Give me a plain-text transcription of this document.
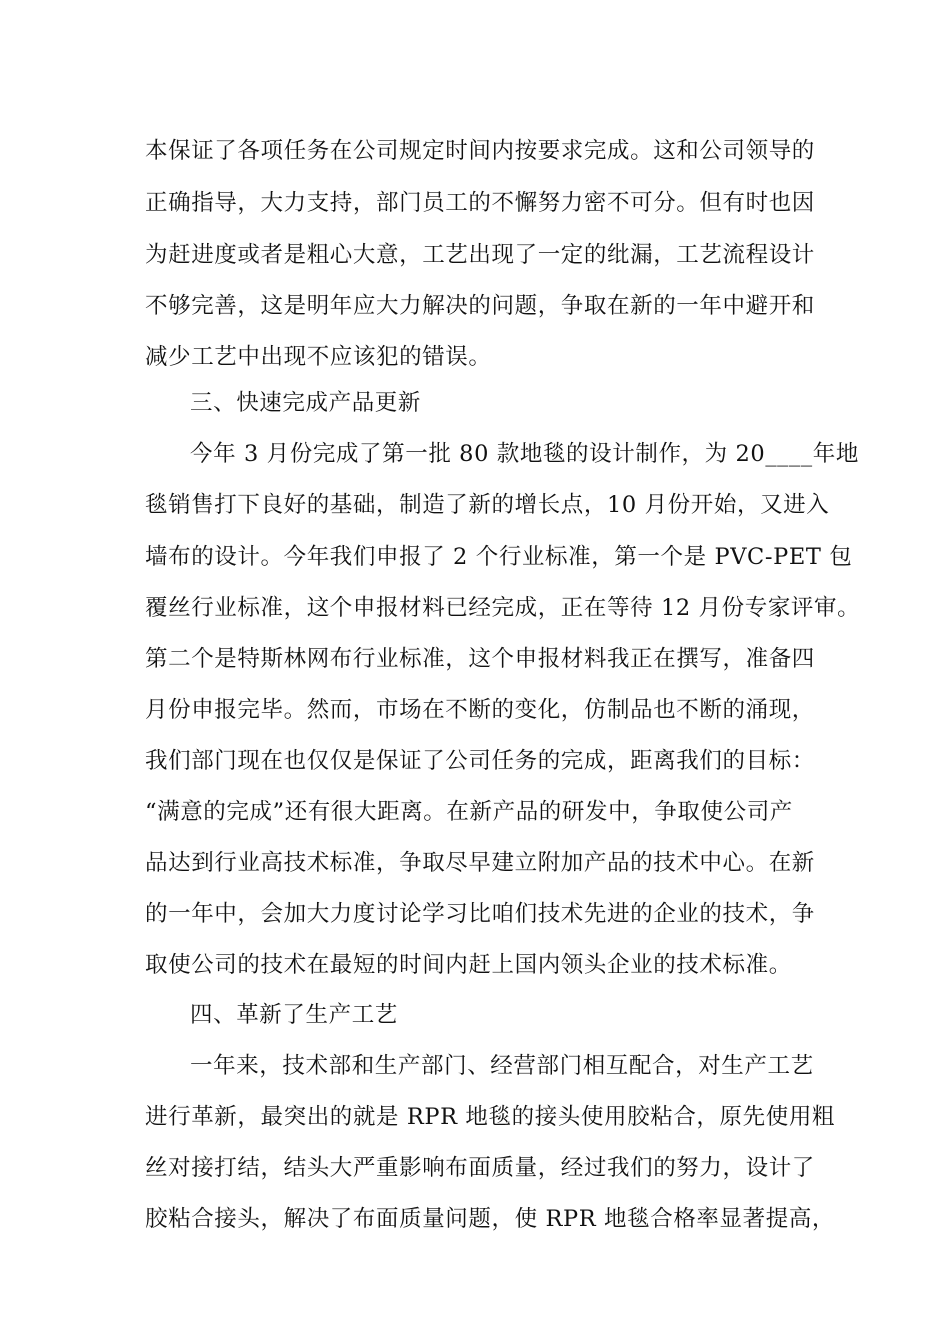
本保证了各项任务在公司规定时间内按要求完成。这和公司领导的
正确指导，大力支持，部门员工的不懈努力密不可分。但有时也因
为赶进度或者是粗心大意，工艺出现了一定的纰漏，工艺流程设计
不够完善，这是明年应大力解决的问题，争取在新的一年中避开和
减少工艺中出现不应该犯的错误。
三、快速完成产品更新
今年 3 月份完成了第一批 80 款地毯的设计制作，为 20____年地
毯销售打下良好的基础，制造了新的增长点，10 月份开始，又进入
墙布的设计。今年我们申报了 2 个行业标准，第一个是 PVC-PET 包
覆丝行业标准，这个申报材料已经完成，正在等待 12 月份专家评审。
第二个是特斯林网布行业标准，这个申报材料我正在撰写，准备四
月份申报完毕。然而，市场在不断的变化，仿制品也不断的涌现，
我们部门现在也仅仅是保证了公司任务的完成，距离我们的目标：
“满意的完成”还有很大距离。在新产品的研发中，争取使公司产
品达到行业高技术标准，争取尽早建立附加产品的技术中心。在新
的一年中，会加大力度讨论学习比咱们技术先进的企业的技术，争
取使公司的技术在最短的时间内赶上国内领头企业的技术标准。
四、革新了生产工艺
一年来，技术部和生产部门、经营部门相互配合，对生产工艺
进行革新，最突出的就是 RPR 地毯的接头使用胶粘合，原先使用粗
丝对接打结，结头大严重影响布面质量，经过我们的努力，设计了
胶粘合接头，解决了布面质量问题，使 RPR 地毯合格率显著提高，
